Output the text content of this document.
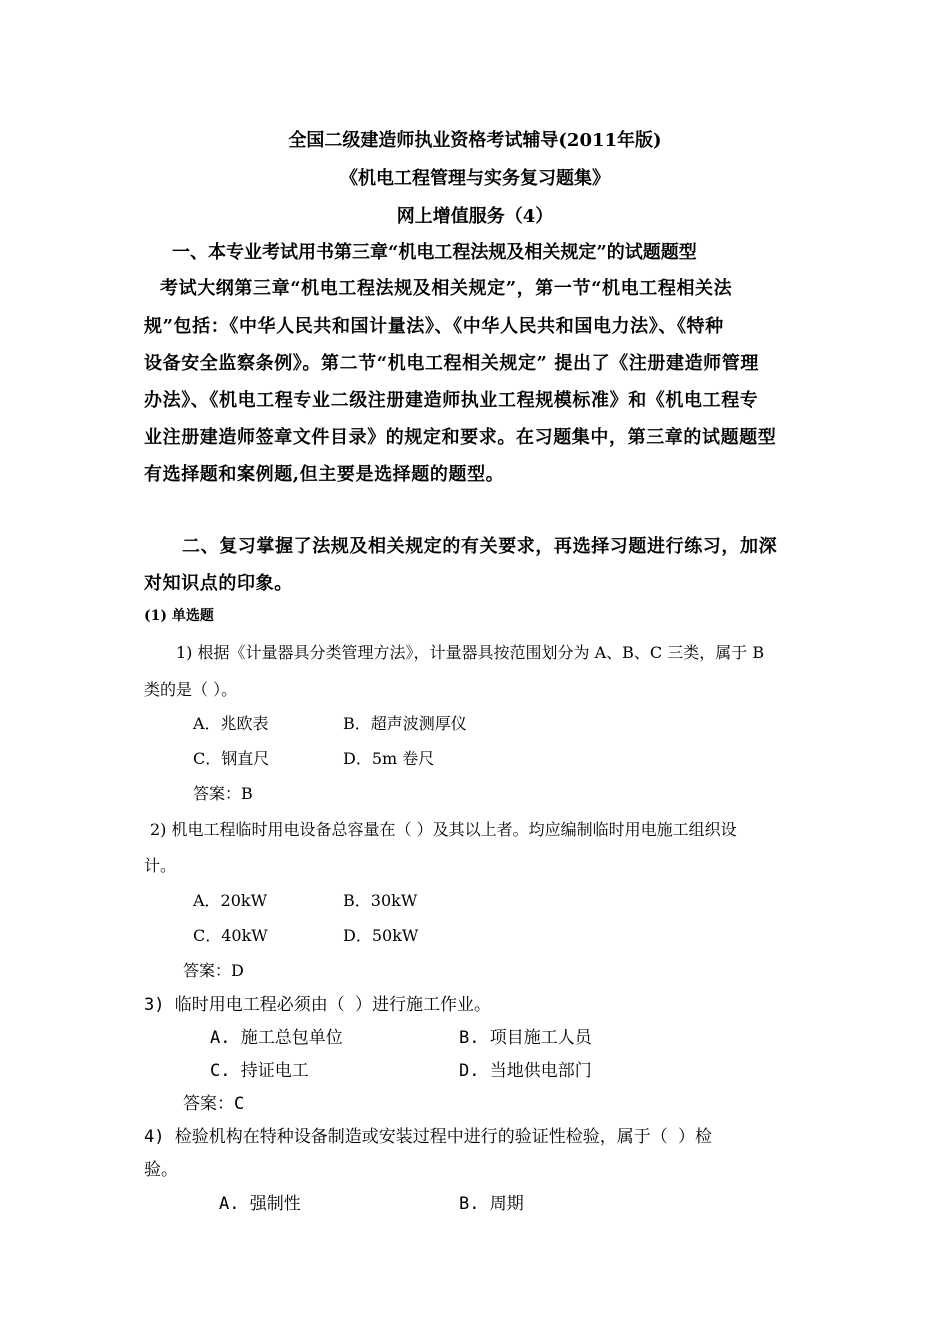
全国二级建造师执业资格考试辅导(2011年版)
《机电工程管理与实务复习题集》
网上增值服务（4）
一、本专业考试用书第三章“机电工程法规及相关规定”的试题题型
考试大纲第三章“机电工程法规及相关规定”，第一节“机电工程相关法
规”包括：《中华人民共和国计量法》、《中华人民共和国电力法》、《特种
设备安全监察条例》。第二节“机电工程相关规定” 提出了《注册建造师管理
办法》、《机电工程专业二级注册建造师执业工程规模标准》和《机电工程专
业注册建造师签章文件目录》的规定和要求。在习题集中，第三章的试题题型
有选择题和案例题,但主要是选择题的题型。
二、复习掌握了法规及相关规定的有关要求，再选择习题进行练习，加深
对知识点的印象。
(1) 单选题
1) 根据《计量器具分类管理方法》，计量器具按范围划分为 A、B、C 三类，属于 B
类的是（ ）。
A．兆欧表	B．超声波测厚仪
C．钢直尺	D．5m 卷尺
答案：B
2) 机电工程临时用电设备总容量在（ ）及其以上者。均应编制临时用电施工组织设
计。
A．20kW	B．30kW
C．40kW	D．50kW
答案：D
3) 临时用电工程必须由（ ）进行施工作业。
A. 施工总包单位	B. 项目施工人员
C. 持证电工	D. 当地供电部门
答案：C
4) 检验机构在特种设备制造或安装过程中进行的验证性检验，属于（ ）检
验。
A. 强制性	B. 周期
